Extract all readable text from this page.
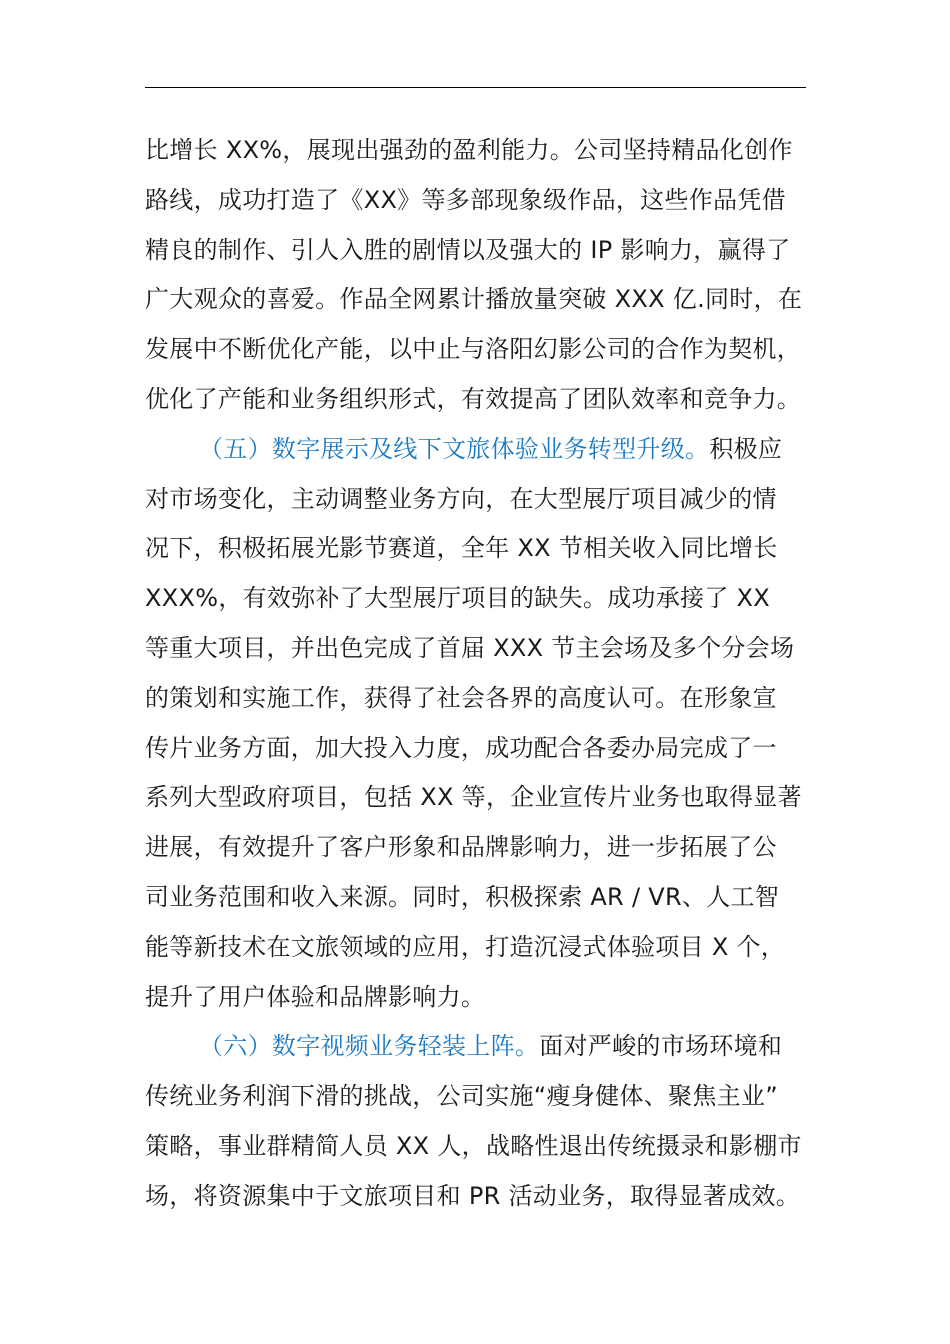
比增长 XX%，展现出强劲的盈利能力。公司坚持精品化创作
路线，成功打造了《XX》等多部现象级作品，这些作品凭借
精良的制作、引人入胜的剧情以及强大的 IP 影响力，赢得了
广大观众的喜爱。作品全网累计播放量突破 XXX 亿.同时，在
发展中不断优化产能，以中止与洛阳幻影公司的合作为契机，
优化了产能和业务组织形式，有效提高了团队效率和竞争力。
（五）数字展示及线下文旅体验业务转型升级。积极应
对市场变化，主动调整业务方向，在大型展厅项目减少的情
况下，积极拓展光影节赛道，全年 XX 节相关收入同比增长
XXX%，有效弥补了大型展厅项目的缺失。成功承接了 XX
等重大项目，并出色完成了首届 XXX 节主会场及多个分会场
的策划和实施工作，获得了社会各界的高度认可。在形象宣
传片业务方面，加大投入力度，成功配合各委办局完成了一
系列大型政府项目，包括 XX 等，企业宣传片业务也取得显著
进展，有效提升了客户形象和品牌影响力，进一步拓展了公
司业务范围和收入来源。同时，积极探索 AR / VR、人工智
能等新技术在文旅领域的应用，打造沉浸式体验项目 X 个，
提升了用户体验和品牌影响力。
（六）数字视频业务轻装上阵。面对严峻的市场环境和
传统业务利润下滑的挑战，公司实施“瘦身健体、聚焦主业”
策略，事业群精简人员 XX 人，战略性退出传统摄录和影棚市
场，将资源集中于文旅项目和 PR 活动业务，取得显著成效。
